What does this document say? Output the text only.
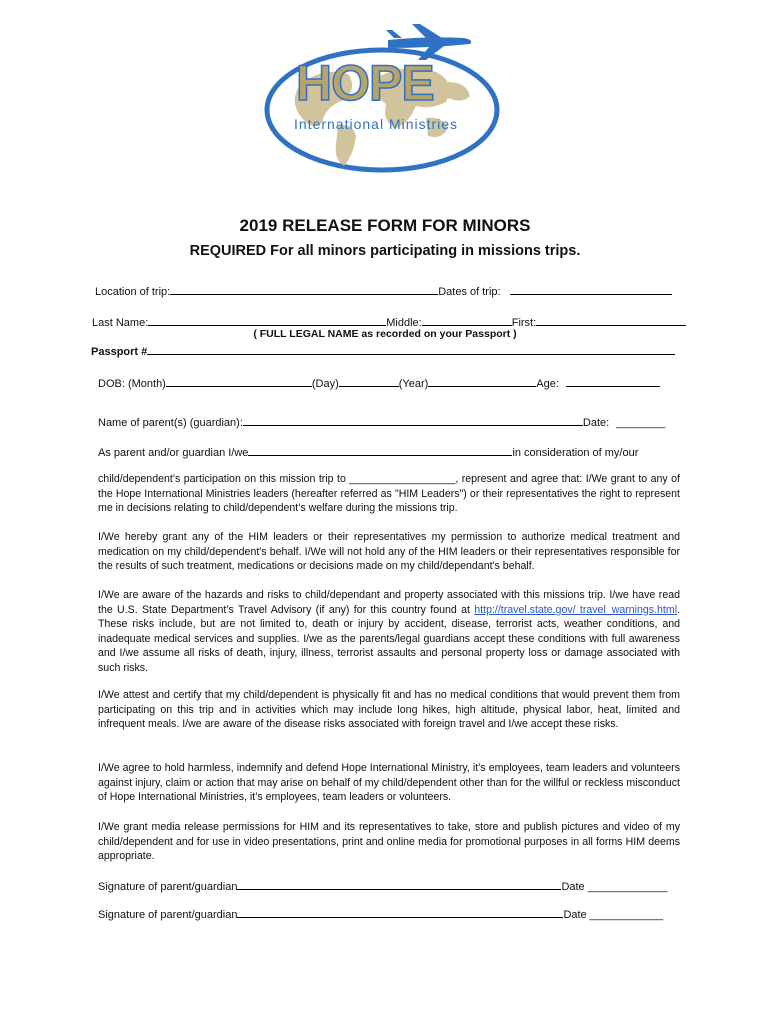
HOPE
International Ministries
2019 RELEASE FORM FOR MINORS
REQUIRED For all minors participating in missions trips.
Location of trip:	Dates of trip:
Last Name:	Middle:	First:
( FULL LEGAL NAME as recorded on your Passport )
Passport #
DOB: (Month)	(Day)	(Year)	Age:
Name of parent(s) (guardian):	Date: ________
As parent and/or guardian I/we	in consideration of my/our

child/dependent’s participation on this mission trip to __________________, represent and agree that: I/We grant to any of the Hope International Ministries leaders (hereafter referred as "HIM Leaders") or their representatives the right to represent me in decisions relating to child/dependent’s welfare during the missions trip.

I/We hereby grant any of the HIM leaders or their representatives my permission to authorize medical treatment and medication on my child/dependent's behalf. I/We will not hold any of the HIM leaders or their representatives responsible for the results of such treatment, medications or decisions made on my child/dependant's behalf.

I/We are aware of the hazards and risks to child/dependant and property associated with this missions trip. I/we have read the U.S. State Department’s Travel Advisory (if any) for this country found at http://travel.state.gov/ travel_warnings.html. These risks include, but are not limited to, death or injury by accident, disease, terrorist acts, weather conditions, and inadequate medical services and supplies. I/we as the parents/legal guardians accept these conditions with full awareness and I/we assume all risks of death, injury, illness, terrorist assaults and personal property loss or damage associated with such risks.

I/We attest and certify that my child/dependent is physically fit and has no medical conditions that would prevent them from participating on this trip and in activities which may include long hikes, high altitude, physical labor, heat, limited and infrequent meals. I/we are aware of the disease risks associated with foreign travel and I/we accept these risks.

I/We agree to hold harmless, indemnify and defend Hope International Ministry, it’s employees, team leaders and volunteers against injury, claim or action that may arise on behalf of my child/dependent other than for the willful or reckless misconduct of Hope International Ministries, it’s employees, team leaders or volunteers.

I/We grant media release permissions for HIM and its representatives to take, store and publish pictures and video of my child/dependent and for use in video presentations, print and online media for promotional purposes in all forms HIM deems appropriate.

Signature of parent/guardian	Date _____________
Signature of parent/guardian	Date ____________
